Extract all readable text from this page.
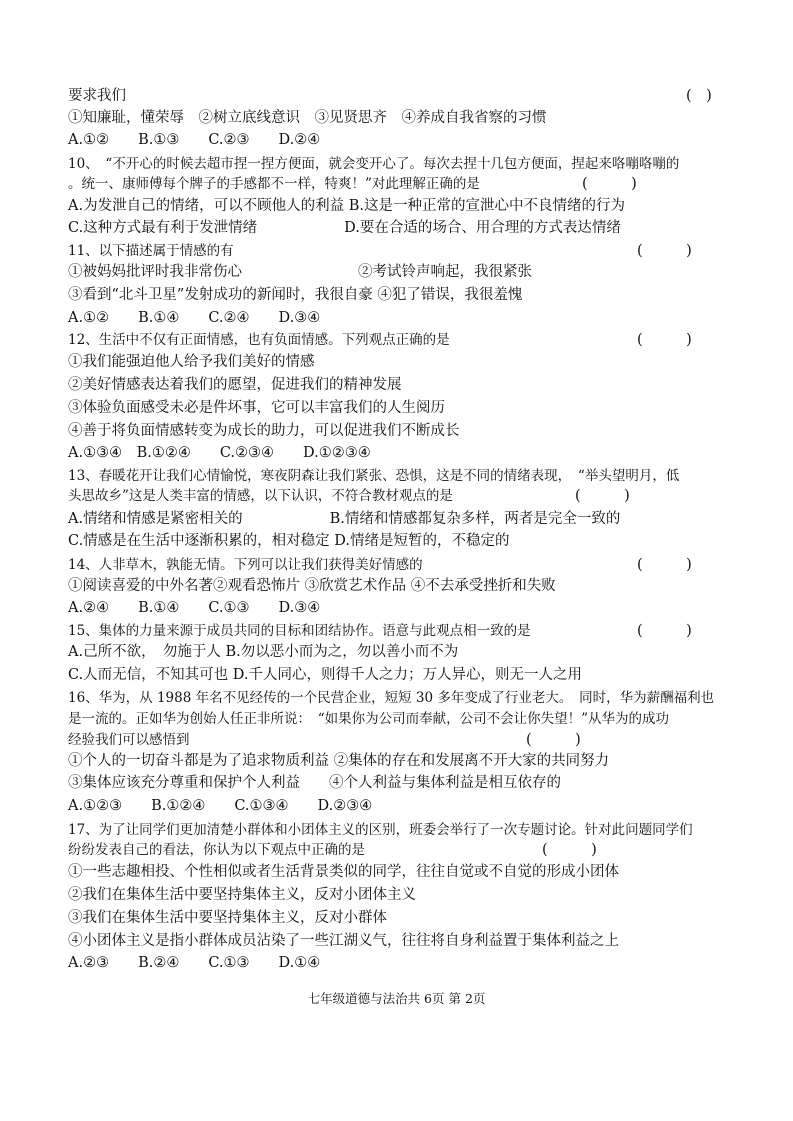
要求我们
①知廉耻，懂荣辱　②树立底线意识　③见贤思齐　④养成自我省察的习惯
A.①②　　B.①③　　C.②③　　D.②④
10、　“不开心的时候去超市捏一捏方便面，就会变开心了。每次去捏十几包方便面，捏起来咯嘣咯嘣的
。统一、康师傅每个牌子的手感都不一样，特爽！”对此理解正确的是
A.为发泄自己的情绪，可以不顾他人的利益 B.这是一种正常的宣泄心中不良情绪的行为
C.这种方式最有利于发泄情绪　　　　　　D.要在合适的场合、用合理的方式表达情绪
11、以下描述属于情感的有
①被妈妈批评时我非常伤心　　　　　　　　②考试铃声响起，我很紧张
③看到“北斗卫星”发射成功的新闻时，我很自豪 ④犯了错误，我很羞愧
A.①②　　B.①④　　C.②④　　D.③④
12、生活中不仅有正面情感，也有负面情感。下列观点正确的是
①我们能强迫他人给予我们美好的情感
②美好情感表达着我们的愿望，促进我们的精神发展
③体验负面感受未必是件坏事，它可以丰富我们的人生阅历
④善于将负面情感转变为成长的助力，可以促进我们不断成长
A.①③④　B.①②④　　C.②③④　　D.①②③④
13、春暖花开让我们心情愉悦，寒夜阴森让我们紧张、恐惧，这是不同的情绪表现，　“举头望明月，低
头思故乡”这是人类丰富的情感，以下认识，不符合教材观点的是
A.情绪和情感是紧密相关的　　　　　　B.情绪和情感都复杂多样，两者是完全一致的
C.情感是在生活中逐渐积累的，相对稳定 D.情绪是短暂的，不稳定的
14、人非草木，孰能无情。下列可以让我们获得美好情感的
①阅读喜爱的中外名著②观看恐怖片 ③欣赏艺术作品 ④不去承受挫折和失败
A.②④　　B.①④　　C.①③　　D.③④
15、集体的力量来源于成员共同的目标和团结协作。语意与此观点相一致的是
A.己所不欲，　勿施于人 B.勿以恶小而为之，勿以善小而不为
C.人而无信，不知其可也 D.千人同心，则得千人之力；万人异心，则无一人之用
16、华为，从 1988 年名不见经传的一个民营企业，短短 30 多年变成了行业老大。　同时，华为薪酬福利也
是一流的。正如华为创始人任正非所说：　“如果你为公司而奉献，公司不会让你失望！”从华为的成功
经验我们可以感悟到
①个人的一切奋斗都是为了追求物质利益 ②集体的存在和发展离不开大家的共同努力
③集体应该充分尊重和保护个人利益　　④个人利益与集体利益是相互依存的
A.①②③　　B.①②④　　C.①③④　　D.②③④
17、为了让同学们更加清楚小群体和小团体主义的区别，班委会举行了一次专题讨论。针对此问题同学们
纷纷发表自己的看法，你认为以下观点中正确的是
①一些志趣相投、个性相似或者生活背景类似的同学，往往自觉或不自觉的形成小团体
②我们在集体生活中要坚持集体主义，反对小团体主义
③我们在集体生活中要坚持集体主义，反对小群体
④小团体主义是指小群体成员沾染了一些江湖义气，往往将自身利益置于集体利益之上
A.②③　　B.②④　　C.①③　　D.①④
(　)
(　　　)
(　　　)
(　　　)
(　　　)
(　　　)
(　　　)
(　　　)
(　　　)
七年级道德与法治共 6页 第 2页
